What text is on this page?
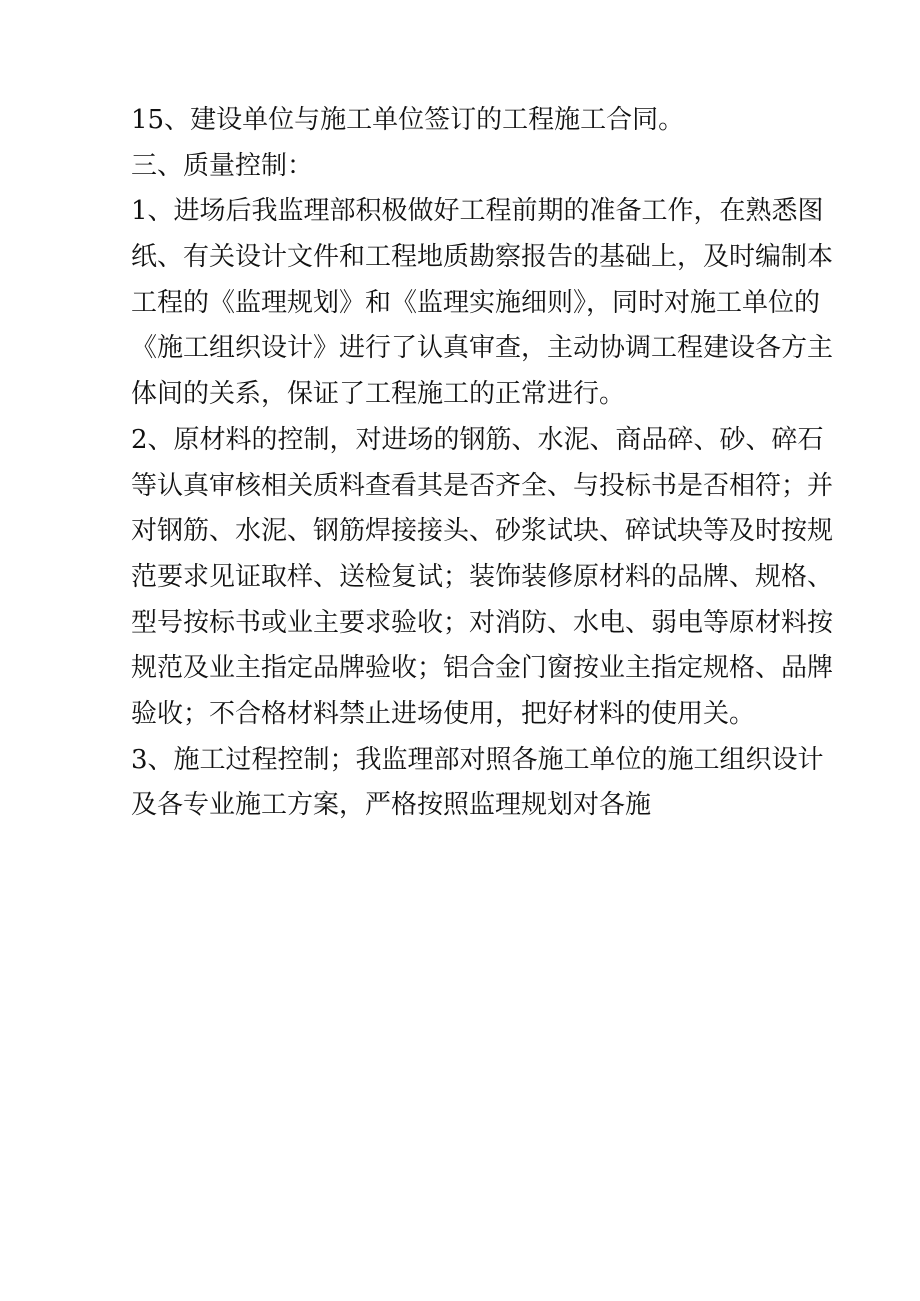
15、建设单位与施工单位签订的工程施工合同。
三、质量控制：
1、进场后我监理部积极做好工程前期的准备工作，在熟悉图
纸、有关设计文件和工程地质勘察报告的基础上，及时编制本
工程的《监理规划》和《监理实施细则》，同时对施工单位的
《施工组织设计》进行了认真审查，主动协调工程建设各方主
体间的关系，保证了工程施工的正常进行。
2、原材料的控制，对进场的钢筋、水泥、商品碎、砂、碎石
等认真审核相关质料查看其是否齐全、与投标书是否相符；并
对钢筋、水泥、钢筋焊接接头、砂浆试块、碎试块等及时按规
范要求见证取样、送检复试；装饰装修原材料的品牌、规格、
型号按标书或业主要求验收；对消防、水电、弱电等原材料按
规范及业主指定品牌验收；铝合金门窗按业主指定规格、品牌
验收；不合格材料禁止进场使用，把好材料的使用关。
3、施工过程控制；我监理部对照各施工单位的施工组织设计
及各专业施工方案，严格按照监理规划对各施
